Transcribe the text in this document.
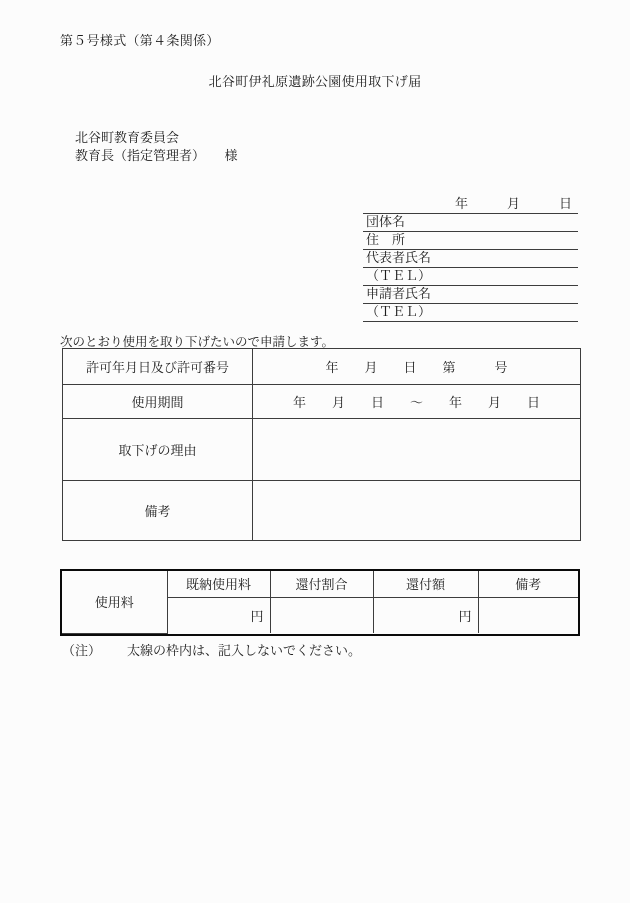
第５号様式（第４条関係）
北谷町伊礼原遺跡公園使用取下げ届
北谷町教育委員会
教育長（指定管理者）　　様
年　　　月　　　日
団体名
住　所
代表者氏名
（ＴＥＬ）
申請者氏名
（ＴＥＬ）
次のとおり使用を取り下げたいので申請します。
許可年月日及び許可番号	年　　月　　日　　第　　　号
使用期間	年　　月　　日　　～　　年　　月　　日
取下げの理由	
備考	
使用料	既納使用料	還付割合	還付額	備考
	円		円	
（注） 太線の枠内は、記入しないでください。
